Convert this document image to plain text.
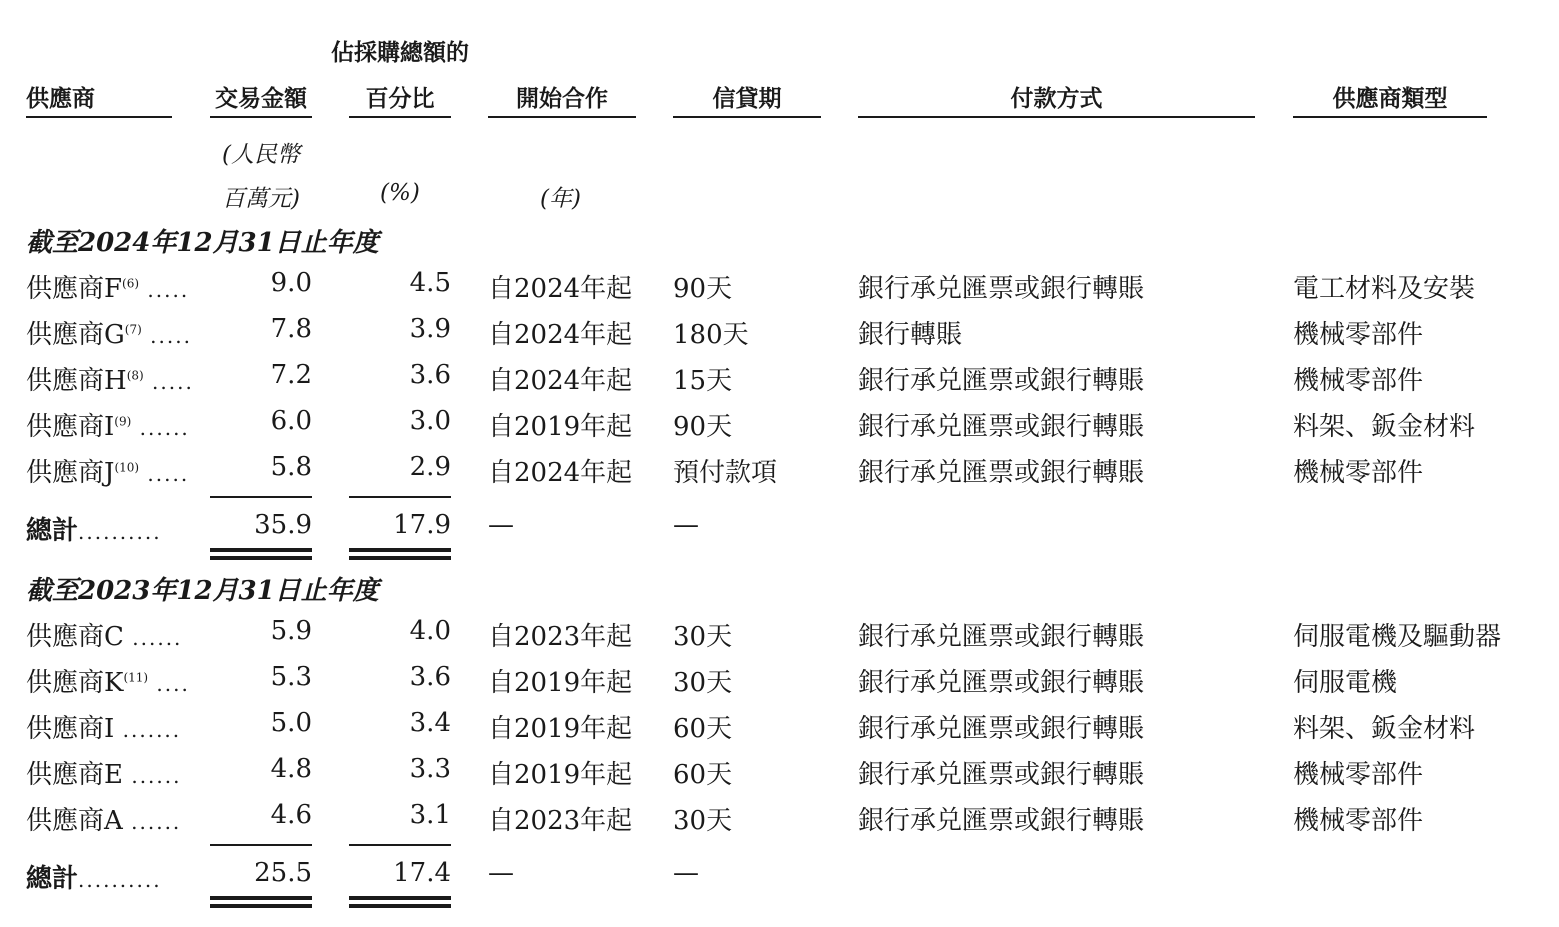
供應商	交易金額
佔採購總額的
百分比	開始合作	信貸期	付款方式	供應商類型
(人民幣
百萬元)	(%)	(年)
截至2024年12月31日止年度
供應商$F^{(6)}$ .....	9.0	4.5 自2024年起 90天	銀行承兑匯票或銀行轉賬	電工材料及安裝
供應商$G^{(7)}$ .....	7.8	3.9 自2024年起 180天	銀行轉賬	機械零部件
供應商$H^{(8)}$ .....	7.2	3.6 自2024年起 15天	銀行承兑匯票或銀行轉賬	機械零部件
供應商$I^{(9)}$ ......	6.0	3.0 自2019年起 90天	銀行承兑匯票或銀行轉賬	料架、鈑金材料
供應商$J^{(10)}$ .....	5.8	2.9 自2024年起 預付款項	銀行承兑匯票或銀行轉賬	機械零部件
總計..........	35.9	17.9 —	—
截至2023年12月31日止年度
供應商C ......	5.9	4.0 自2023年起 30天	銀行承兑匯票或銀行轉賬	伺服電機及驅動器
供應商$K^{(11)}$ ....	5.3	3.6 自2019年起 30天	銀行承兑匯票或銀行轉賬	伺服電機
供應商I .......	5.0	3.4 自2019年起 60天	銀行承兑匯票或銀行轉賬	料架、鈑金材料
供應商E ......	4.8	3.3 自2019年起 60天	銀行承兑匯票或銀行轉賬	機械零部件
供應商A ......	4.6	3.1 自2023年起 30天	銀行承兑匯票或銀行轉賬	機械零部件
總計..........	25.5	17.4 —	—
